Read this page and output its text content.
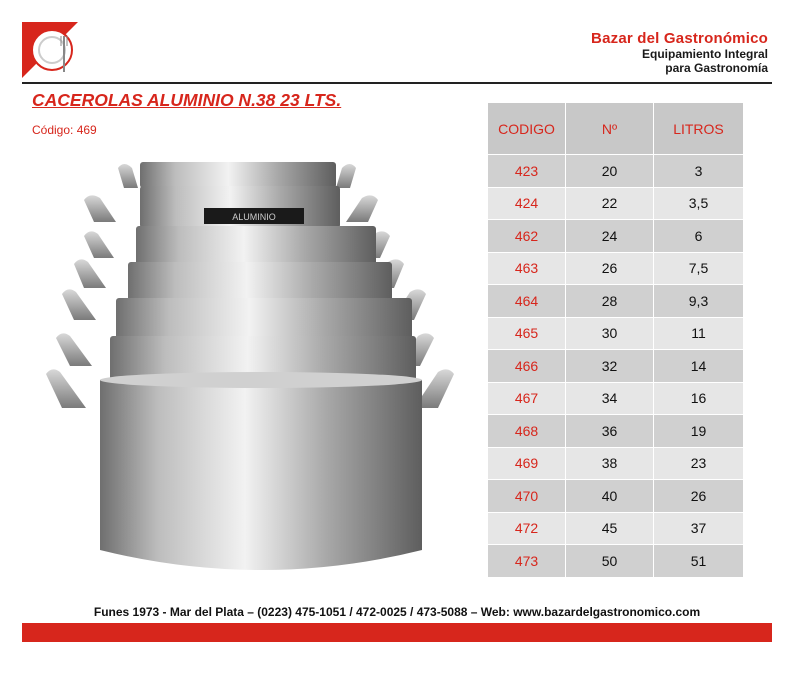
Bazar del Gastronómico
Equipamiento Integral
para Gastronomía
CACEROLAS ALUMINIO N.38 23 LTS.
Código: 469
ALUMINIO
CODIGO	Nº	LITROS
423	20	3
424	22	3,5
462	24	6
463	26	7,5
464	28	9,3
465	30	11
466	32	14
467	34	16
468	36	19
469	38	23
470	40	26
472	45	37
473	50	51
Funes 1973 - Mar del Plata – (0223) 475-1051 / 472-0025 / 473-5088 – Web: www.bazardelgastronomico.com
